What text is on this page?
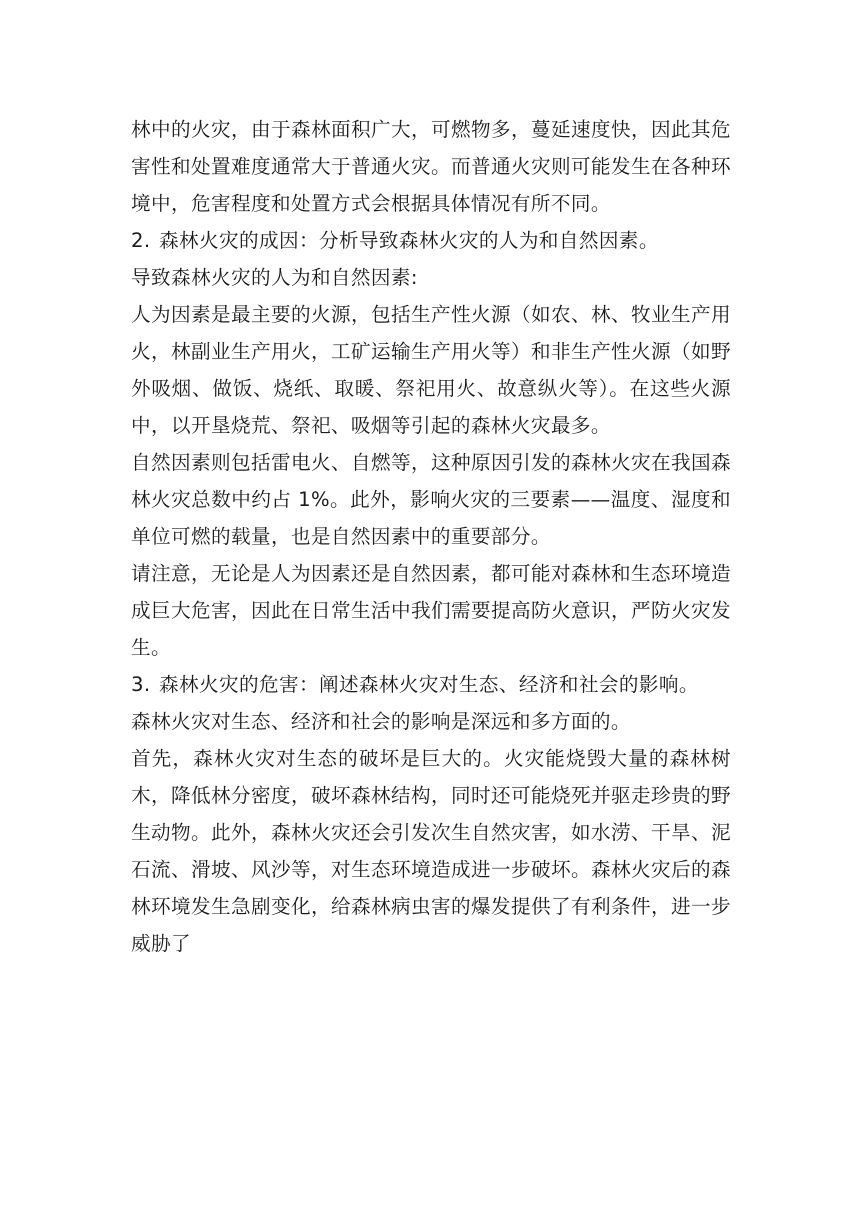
林中的火灾，由于森林面积广大，可燃物多，蔓延速度快，因此其危害性和处置难度通常大于普通火灾。而普通火灾则可能发生在各种环境中，危害程度和处置方式会根据具体情况有所不同。

2. 森林火灾的成因：分析导致森林火灾的人为和自然因素。

导致森林火灾的人为和自然因素:

人为因素是最主要的火源，包括生产性火源（如农、林、牧业生产用火，林副业生产用火，工矿运输生产用火等）和非生产性火源（如野外吸烟、做饭、烧纸、取暖、祭祀用火、故意纵火等）。在这些火源中，以开垦烧荒、祭祀、吸烟等引起的森林火灾最多。

自然因素则包括雷电火、自燃等，这种原因引发的森林火灾在我国森林火灾总数中约占 1%。此外，影响火灾的三要素——温度、湿度和单位可燃的载量，也是自然因素中的重要部分。

请注意，无论是人为因素还是自然因素，都可能对森林和生态环境造成巨大危害，因此在日常生活中我们需要提高防火意识，严防火灾发生。

3. 森林火灾的危害：阐述森林火灾对生态、经济和社会的影响。

森林火灾对生态、经济和社会的影响是深远和多方面的。

首先，森林火灾对生态的破坏是巨大的。火灾能烧毁大量的森林树木，降低林分密度，破坏森林结构，同时还可能烧死并驱走珍贵的野生动物。此外，森林火灾还会引发次生自然灾害，如水涝、干旱、泥石流、滑坡、风沙等，对生态环境造成进一步破坏。森林火灾后的森林环境发生急剧变化，给森林病虫害的爆发提供了有利条件，进一步威胁了
